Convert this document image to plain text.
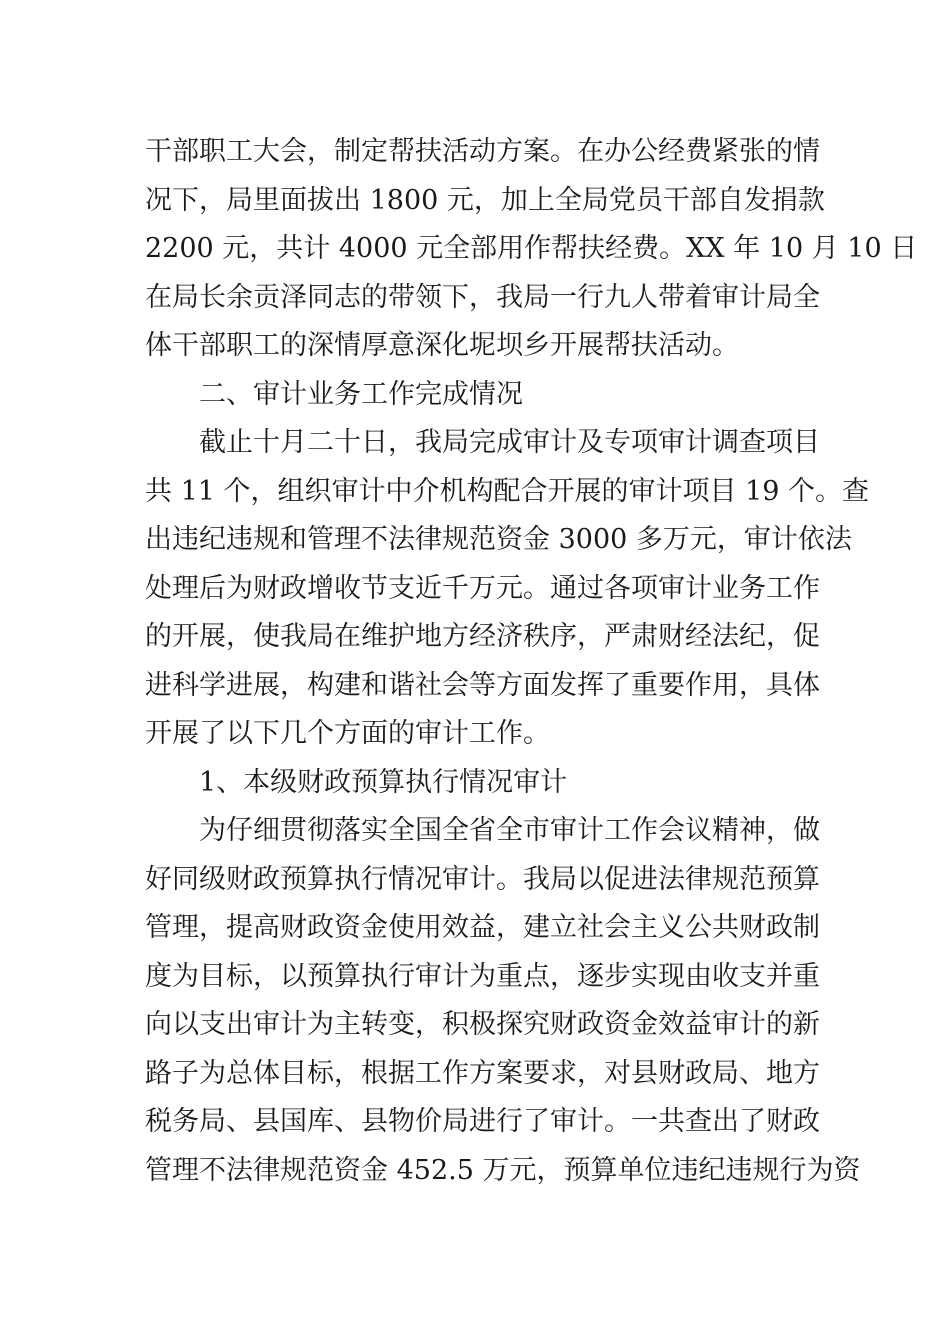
干部职工大会，制定帮扶活动方案。在办公经费紧张的情
况下，局里面拔出 1800 元，加上全局党员干部自发捐款
2200 元，共计 4000 元全部用作帮扶经费。XX 年 10 月 10 日
在局长余贡泽同志的带领下，我局一行九人带着审计局全
体干部职工的深情厚意深化坭坝乡开展帮扶活动。
二、审计业务工作完成情况
截止十月二十日，我局完成审计及专项审计调查项目
共 11 个，组织审计中介机构配合开展的审计项目 19 个。查
出违纪违规和管理不法律规范资金 3000 多万元，审计依法
处理后为财政增收节支近千万元。通过各项审计业务工作
的开展，使我局在维护地方经济秩序，严肃财经法纪，促
进科学进展，构建和谐社会等方面发挥了重要作用，具体
开展了以下几个方面的审计工作。
1、本级财政预算执行情况审计
为仔细贯彻落实全国全省全市审计工作会议精神，做
好同级财政预算执行情况审计。我局以促进法律规范预算
管理，提高财政资金使用效益，建立社会主义公共财政制
度为目标，以预算执行审计为重点，逐步实现由收支并重
向以支出审计为主转变，积极探究财政资金效益审计的新
路子为总体目标，根据工作方案要求，对县财政局、地方
税务局、县国库、县物价局进行了审计。一共查出了财政
管理不法律规范资金 452.5 万元，预算单位违纪违规行为资
